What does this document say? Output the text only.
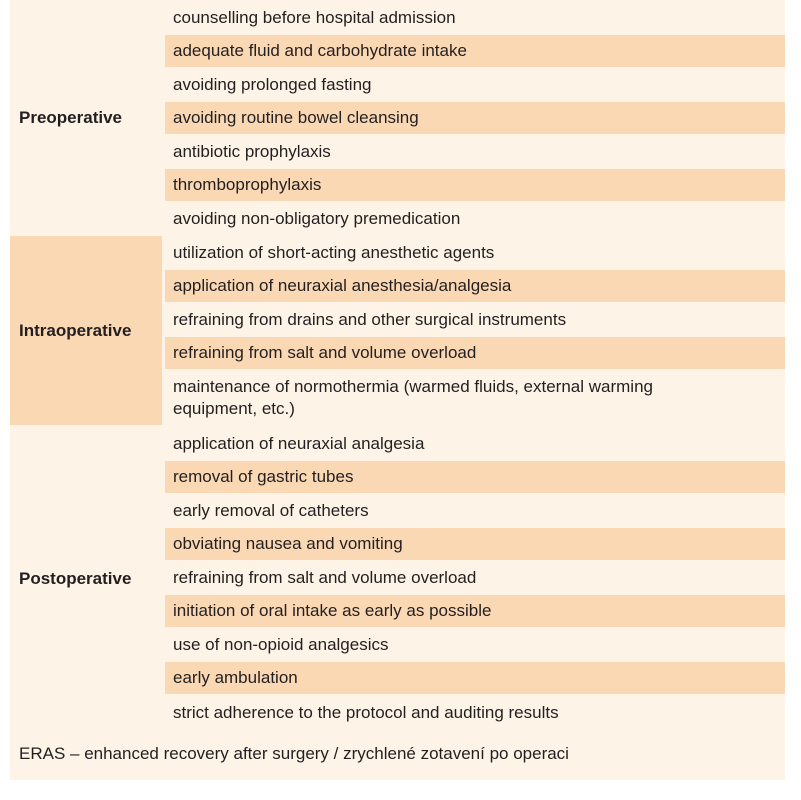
Preoperative
counselling before hospital admission
adequate fluid and carbohydrate intake
avoiding prolonged fasting
avoiding routine bowel cleansing
antibiotic prophylaxis
thromboprophylaxis
avoiding non-obligatory premedication
Intraoperative
utilization of short-acting anesthetic agents
application of neuraxial anesthesia/analgesia
refraining from drains and other surgical instruments
refraining from salt and volume overload
maintenance of normothermia (warmed fluids, external warming equipment, etc.)
Postoperative
application of neuraxial analgesia
removal of gastric tubes
early removal of catheters
obviating nausea and vomiting
refraining from salt and volume overload
initiation of oral intake as early as possible
use of non-opioid analgesics
early ambulation
strict adherence to the protocol and auditing results
ERAS – enhanced recovery after surgery / zrychlené zotavení po operaci
